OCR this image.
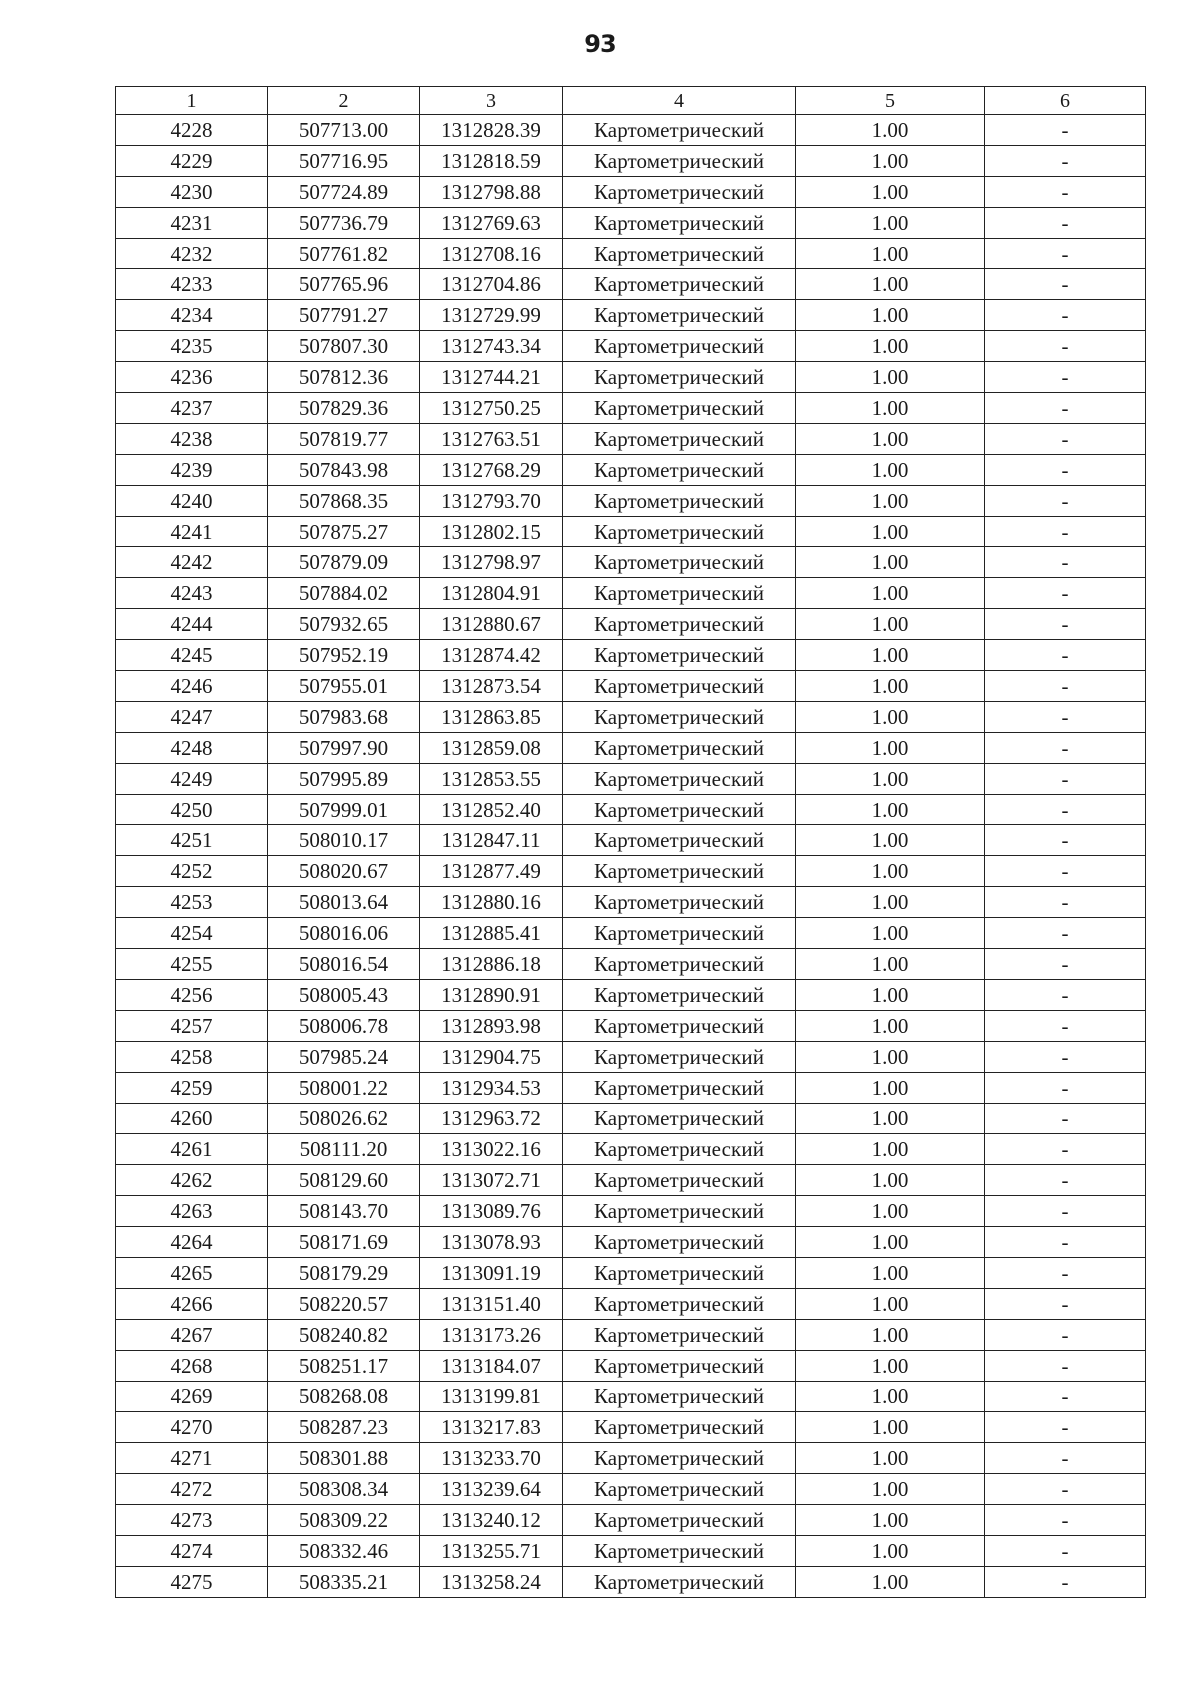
93
1	2	3	4	5	6
4228	507713.00	1312828.39	Картометрический	1.00	-
4229	507716.95	1312818.59	Картометрический	1.00	-
4230	507724.89	1312798.88	Картометрический	1.00	-
4231	507736.79	1312769.63	Картометрический	1.00	-
4232	507761.82	1312708.16	Картометрический	1.00	-
4233	507765.96	1312704.86	Картометрический	1.00	-
4234	507791.27	1312729.99	Картометрический	1.00	-
4235	507807.30	1312743.34	Картометрический	1.00	-
4236	507812.36	1312744.21	Картометрический	1.00	-
4237	507829.36	1312750.25	Картометрический	1.00	-
4238	507819.77	1312763.51	Картометрический	1.00	-
4239	507843.98	1312768.29	Картометрический	1.00	-
4240	507868.35	1312793.70	Картометрический	1.00	-
4241	507875.27	1312802.15	Картометрический	1.00	-
4242	507879.09	1312798.97	Картометрический	1.00	-
4243	507884.02	1312804.91	Картометрический	1.00	-
4244	507932.65	1312880.67	Картометрический	1.00	-
4245	507952.19	1312874.42	Картометрический	1.00	-
4246	507955.01	1312873.54	Картометрический	1.00	-
4247	507983.68	1312863.85	Картометрический	1.00	-
4248	507997.90	1312859.08	Картометрический	1.00	-
4249	507995.89	1312853.55	Картометрический	1.00	-
4250	507999.01	1312852.40	Картометрический	1.00	-
4251	508010.17	1312847.11	Картометрический	1.00	-
4252	508020.67	1312877.49	Картометрический	1.00	-
4253	508013.64	1312880.16	Картометрический	1.00	-
4254	508016.06	1312885.41	Картометрический	1.00	-
4255	508016.54	1312886.18	Картометрический	1.00	-
4256	508005.43	1312890.91	Картометрический	1.00	-
4257	508006.78	1312893.98	Картометрический	1.00	-
4258	507985.24	1312904.75	Картометрический	1.00	-
4259	508001.22	1312934.53	Картометрический	1.00	-
4260	508026.62	1312963.72	Картометрический	1.00	-
4261	508111.20	1313022.16	Картометрический	1.00	-
4262	508129.60	1313072.71	Картометрический	1.00	-
4263	508143.70	1313089.76	Картометрический	1.00	-
4264	508171.69	1313078.93	Картометрический	1.00	-
4265	508179.29	1313091.19	Картометрический	1.00	-
4266	508220.57	1313151.40	Картометрический	1.00	-
4267	508240.82	1313173.26	Картометрический	1.00	-
4268	508251.17	1313184.07	Картометрический	1.00	-
4269	508268.08	1313199.81	Картометрический	1.00	-
4270	508287.23	1313217.83	Картометрический	1.00	-
4271	508301.88	1313233.70	Картометрический	1.00	-
4272	508308.34	1313239.64	Картометрический	1.00	-
4273	508309.22	1313240.12	Картометрический	1.00	-
4274	508332.46	1313255.71	Картометрический	1.00	-
4275	508335.21	1313258.24	Картометрический	1.00	-
